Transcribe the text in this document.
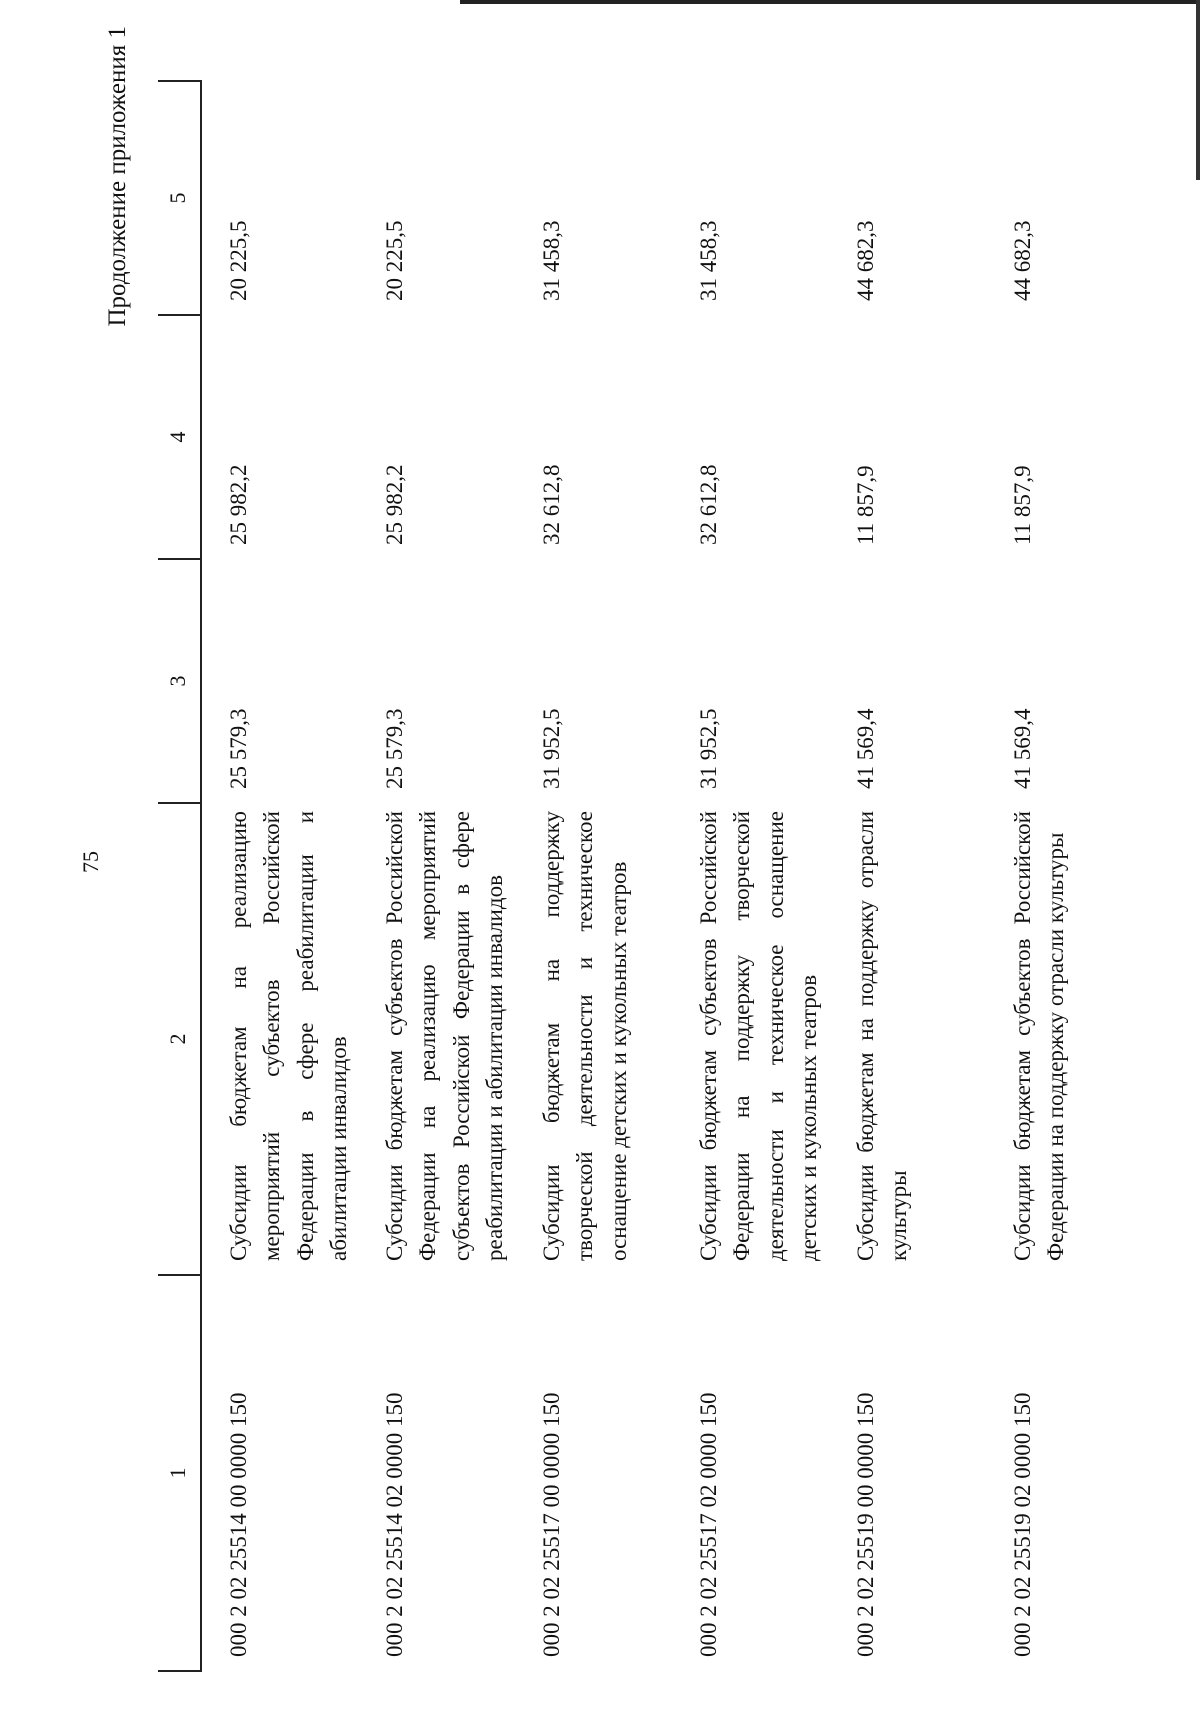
75
Продолжение приложения 1
1	2	3	4	5
000 2 02 25514 00 0000 150	Субсидии бюджетам на реализацию мероприятий субъектов Российской Федерации в сфере реабилитации и абилитации инвалидов	25 579,3	25 982,2	20 225,5
000 2 02 25514 02 0000 150	Субсидии бюджетам субъектов Российской Федерации на реализацию мероприятий субъектов Российской Федерации в сфере реабилитации и абилитации инвалидов	25 579,3	25 982,2	20 225,5
000 2 02 25517 00 0000 150	Субсидии бюджетам на поддержку творческой деятельности и техническое оснащение детских и кукольных театров	31 952,5	32 612,8	31 458,3
000 2 02 25517 02 0000 150	Субсидии бюджетам субъектов Российской Федерации на поддержку творческой деятельности и техническое оснащение детских и кукольных театров	31 952,5	32 612,8	31 458,3
000 2 02 25519 00 0000 150	Субсидии бюджетам на поддержку отрасли культуры	41 569,4	11 857,9	44 682,3
000 2 02 25519 02 0000 150	Субсидии бюджетам субъектов Российской Федерации на поддержку отрасли культуры	41 569,4	11 857,9	44 682,3
